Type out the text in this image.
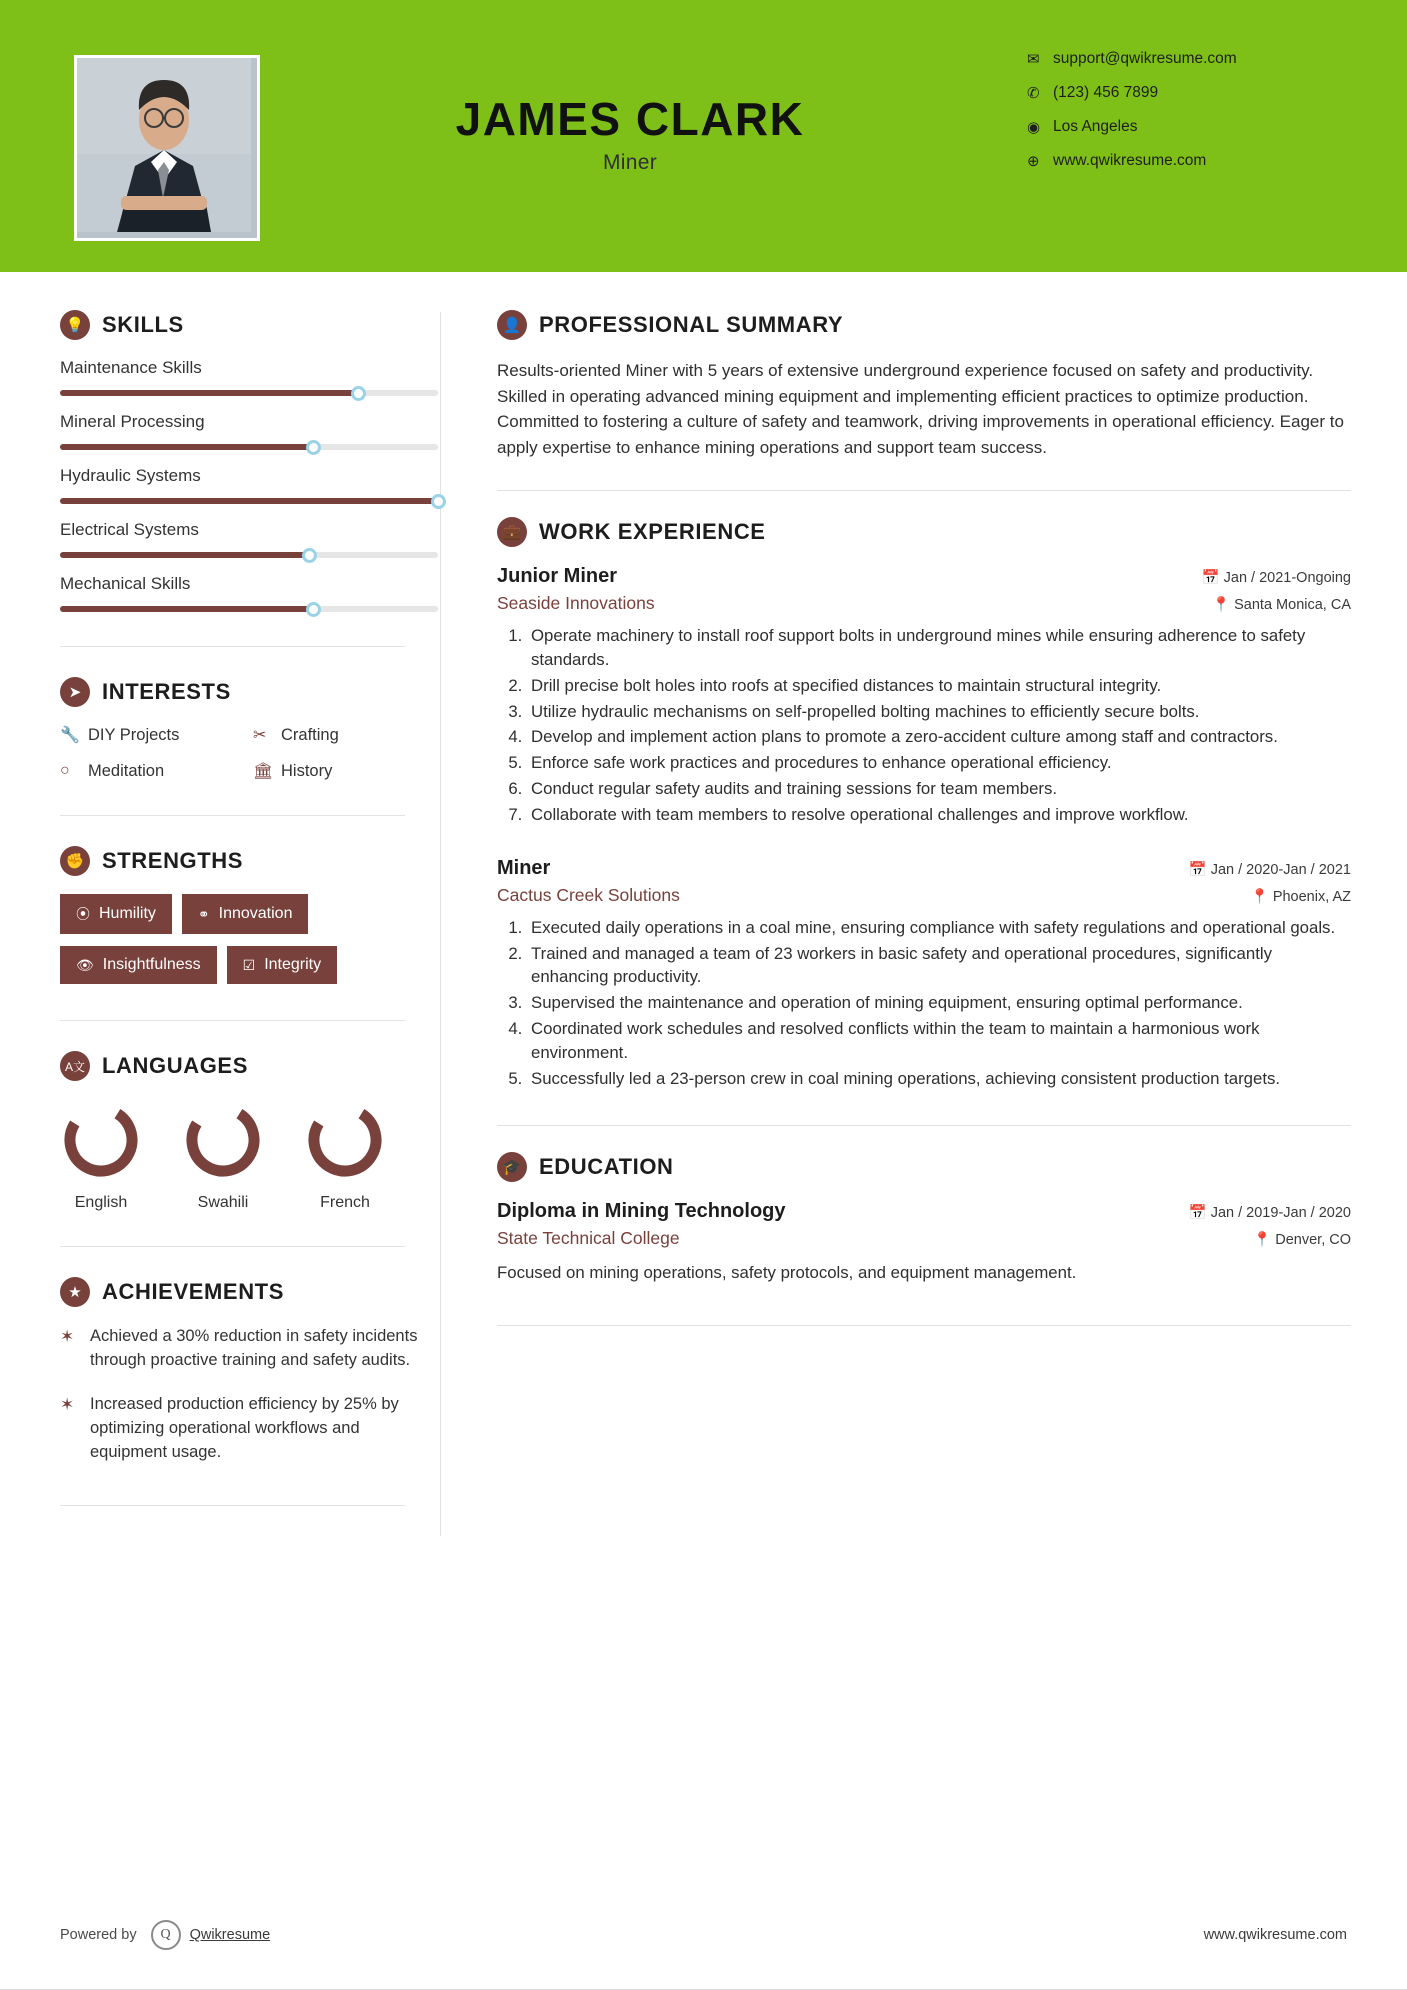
JAMES CLARK
Miner
✉ support@qwikresume.com
✆ (123) 456 7899
◉ Los Angeles
⊕ www.qwikresume.com
💡 SKILLS
Maintenance Skills
Mineral Processing
Hydraulic Systems
Electrical Systems
Mechanical Skills
➤ INTERESTS
🔧 DIY Projects	✂ Crafting
○	Meditation	🏛 History
✊ STRENGTHS
⦿ Humility	⚭ Innovation
👁 Insightfulness	☑ Integrity
A文 LANGUAGES
English	Swahili	French
★ ACHIEVEMENTS
✶ Achieved a 30% reduction in safety incidents through proactive training and safety audits.
✶ Increased production efficiency by 25% by optimizing operational workflows and equipment usage.
👤 PROFESSIONAL SUMMARY
Results-oriented Miner with 5 years of extensive underground experience focused on safety and productivity. Skilled in operating advanced mining equipment and implementing efficient practices to optimize production. Committed to fostering a culture of safety and teamwork, driving improvements in operational efficiency. Eager to apply expertise to enhance mining operations and support team success.
💼 WORK EXPERIENCE
Junior Miner	📅 Jan / 2021-Ongoing
Seaside Innovations	📍 Santa Monica, CA
1. Operate machinery to install roof support bolts in underground mines while ensuring adherence to safety standards.
2. Drill precise bolt holes into roofs at specified distances to maintain structural integrity.
3. Utilize hydraulic mechanisms on self-propelled bolting machines to efficiently secure bolts.
4. Develop and implement action plans to promote a zero-accident culture among staff and contractors.
5. Enforce safe work practices and procedures to enhance operational efficiency.
6. Conduct regular safety audits and training sessions for team members.
7. Collaborate with team members to resolve operational challenges and improve workflow.
Miner	📅 Jan / 2020-Jan / 2021
Cactus Creek Solutions	📍 Phoenix, AZ
1. Executed daily operations in a coal mine, ensuring compliance with safety regulations and operational goals.
2. Trained and managed a team of 23 workers in basic safety and operational procedures, significantly enhancing productivity.
3. Supervised the maintenance and operation of mining equipment, ensuring optimal performance.
4. Coordinated work schedules and resolved conflicts within the team to maintain a harmonious work environment.
5. Successfully led a 23-person crew in coal mining operations, achieving consistent production targets.
🎓 EDUCATION
Diploma in Mining Technology	📅 Jan / 2019-Jan / 2020
State Technical College	📍 Denver, CO
Focused on mining operations, safety protocols, and equipment management.
Powered by	Q	Qwikresume	www.qwikresume.com
